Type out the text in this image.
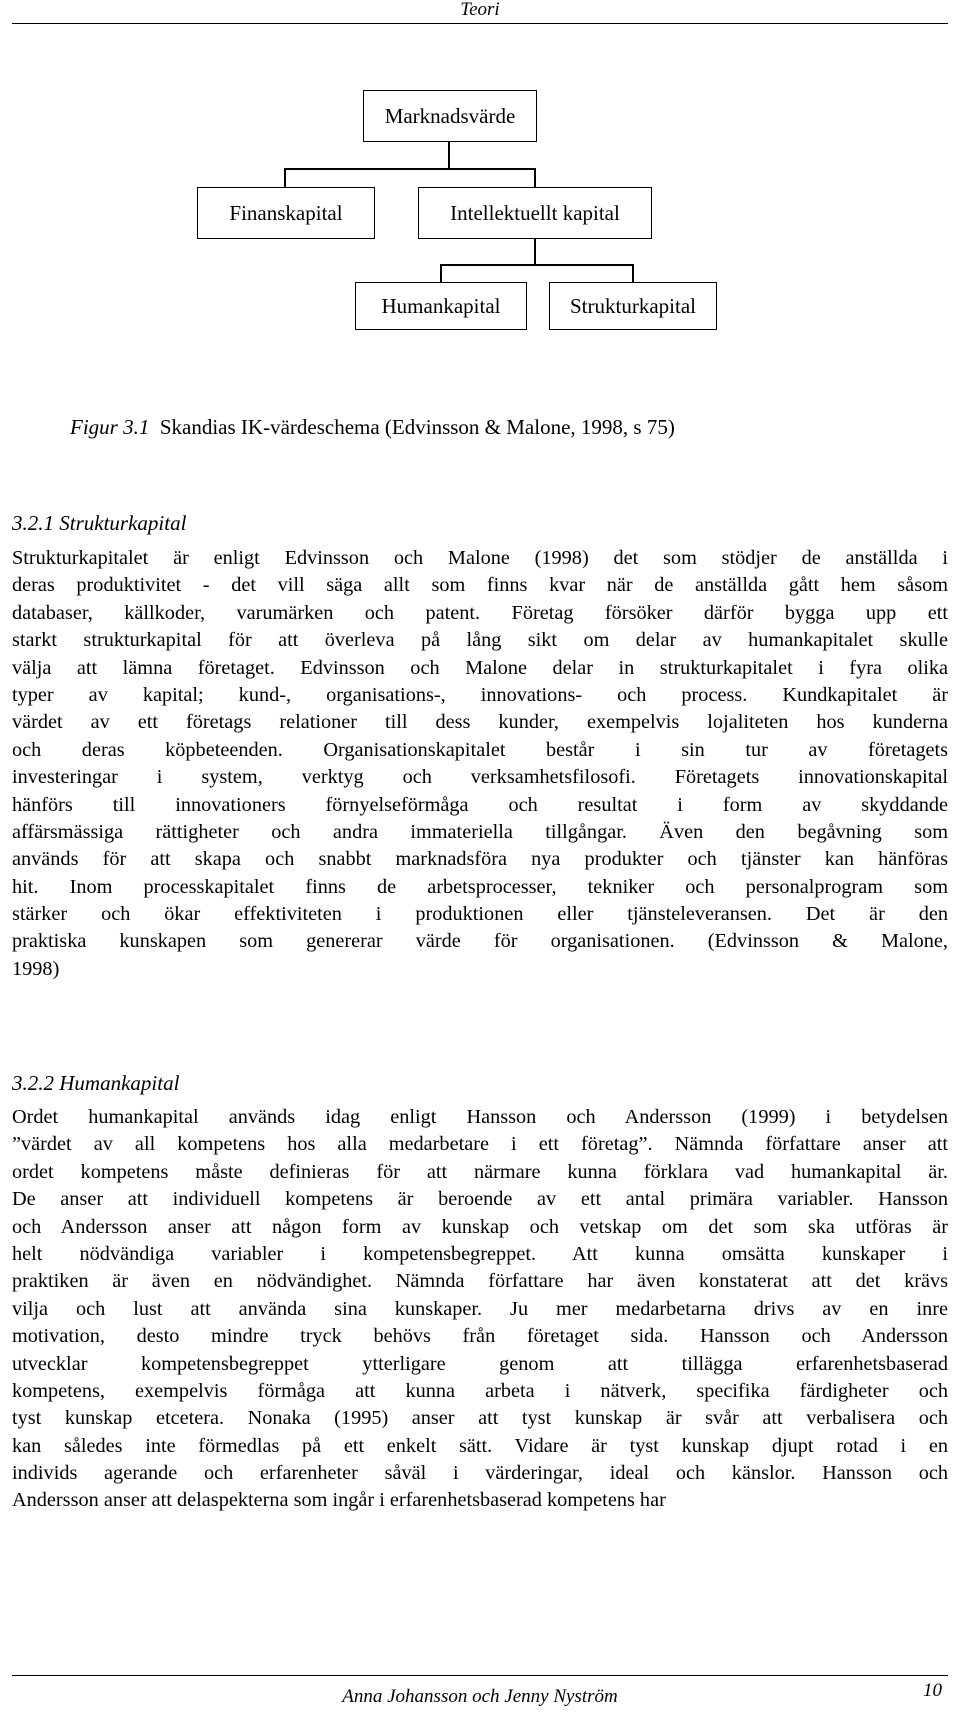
Teori
Marknadsvärde
Finanskapital	Intellektuellt kapital
Humankapital	Strukturkapital
Figur 3.1 Skandias IK-värdeschema (Edvinsson & Malone, 1998, s 75)
3.2.1 Strukturkapital
Strukturkapitalet är enligt Edvinsson och Malone (1998) det som stödjer de anställda i
deras produktivitet - det vill säga allt som finns kvar när de anställda gått hem såsom
databaser, källkoder, varumärken och patent. Företag försöker därför bygga upp ett
starkt strukturkapital för att överleva på lång sikt om delar av humankapitalet skulle
välja att lämna företaget. Edvinsson och Malone delar in strukturkapitalet i fyra olika
typer av kapital; kund-, organisations-, innovations- och process. Kundkapitalet är
värdet av ett företags relationer till dess kunder, exempelvis lojaliteten hos kunderna
och deras köpbeteenden. Organisationskapitalet består i sin tur av företagets
investeringar i system, verktyg och verksamhetsfilosofi. Företagets innovationskapital
hänförs till innovationers förnyelseförmåga och resultat i form av skyddande
affärsmässiga rättigheter och andra immateriella tillgångar. Även den begåvning som
används för att skapa och snabbt marknadsföra nya produkter och tjänster kan hänföras
hit. Inom processkapitalet finns de arbetsprocesser, tekniker och personalprogram som
stärker och ökar effektiviteten i produktionen eller tjänsteleveransen. Det är den
praktiska kunskapen som genererar värde för organisationen. (Edvinsson & Malone,
1998)
3.2.2 Humankapital
Ordet humankapital används idag enligt Hansson och Andersson (1999) i betydelsen
”värdet av all kompetens hos alla medarbetare i ett företag”. Nämnda författare anser att
ordet kompetens måste definieras för att närmare kunna förklara vad humankapital är.
De anser att individuell kompetens är beroende av ett antal primära variabler. Hansson
och Andersson anser att någon form av kunskap och vetskap om det som ska utföras är
helt nödvändiga variabler i kompetensbegreppet. Att kunna omsätta kunskaper i
praktiken är även en nödvändighet. Nämnda författare har även konstaterat att det krävs
vilja och lust att använda sina kunskaper. Ju mer medarbetarna drivs av en inre
motivation, desto mindre tryck behövs från företaget sida. Hansson och Andersson
utvecklar kompetensbegreppet ytterligare genom att tillägga erfarenhetsbaserad
kompetens, exempelvis förmåga att kunna arbeta i nätverk, specifika färdigheter och
tyst kunskap etcetera. Nonaka (1995) anser att tyst kunskap är svår att verbalisera och
kan således inte förmedlas på ett enkelt sätt. Vidare är tyst kunskap djupt rotad i en
individs agerande och erfarenheter såväl i värderingar, ideal och känslor. Hansson och
Andersson anser att delaspekterna som ingår i erfarenhetsbaserad kompetens har
Anna Johansson och Jenny Nyström	10
